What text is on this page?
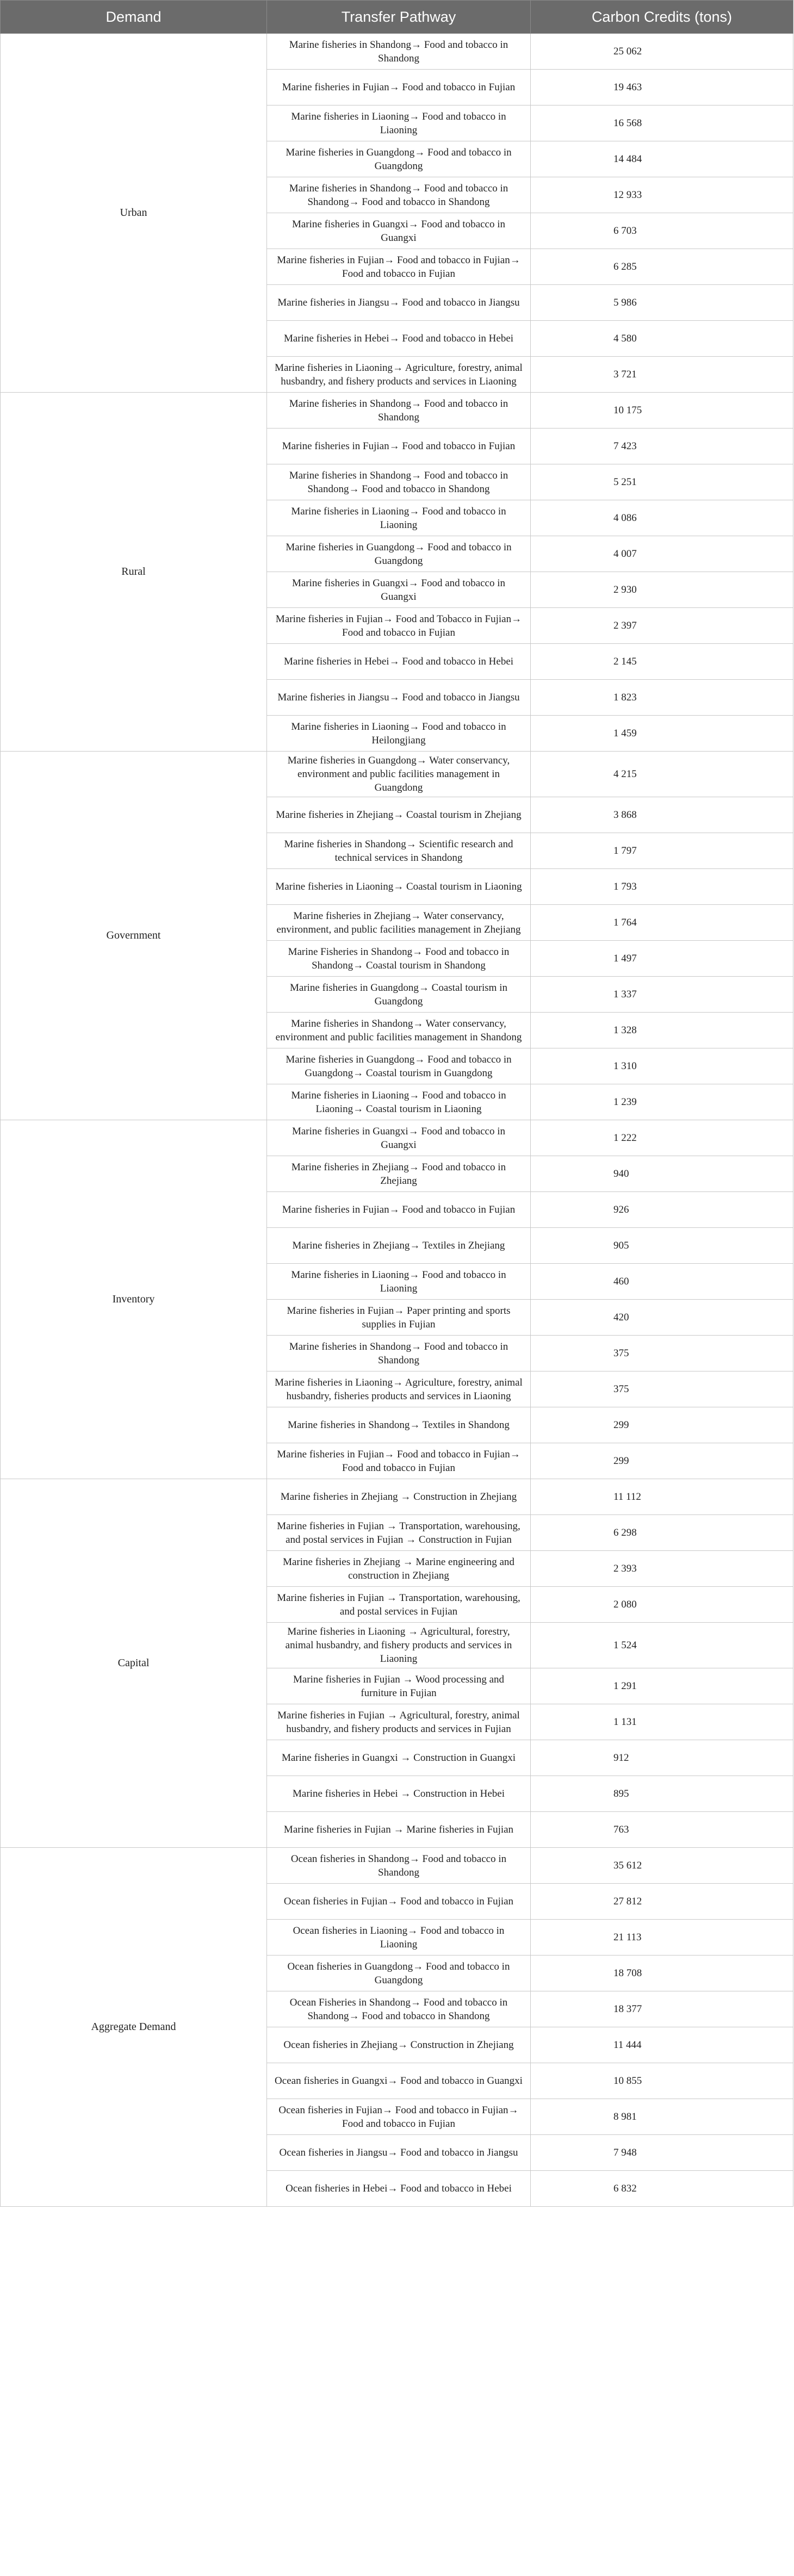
Demand	Transfer Pathway	Carbon Credits (tons)
Urban	Marine fisheries in Shandong→ Food and tobacco in Shandong	25 062
	Marine fisheries in Fujian→ Food and tobacco in Fujian	19 463
	Marine fisheries in Liaoning→ Food and tobacco in Liaoning	16 568
	Marine fisheries in Guangdong→ Food and tobacco in Guangdong	14 484
	Marine fisheries in Shandong→ Food and tobacco in Shandong→ Food and tobacco in Shandong	12 933
	Marine fisheries in Guangxi→ Food and tobacco in Guangxi	6 703
	Marine fisheries in Fujian→ Food and tobacco in Fujian→ Food and tobacco in Fujian	6 285
	Marine fisheries in Jiangsu→ Food and tobacco in Jiangsu	5 986
	Marine fisheries in Hebei→ Food and tobacco in Hebei	4 580
	Marine fisheries in Liaoning→ Agriculture, forestry, animal husbandry, and fishery products and services in Liaoning	3 721
Rural	Marine fisheries in Shandong→ Food and tobacco in Shandong	10 175
	Marine fisheries in Fujian→ Food and tobacco in Fujian	7 423
	Marine fisheries in Shandong→ Food and tobacco in Shandong→ Food and tobacco in Shandong	5 251
	Marine fisheries in Liaoning→ Food and tobacco in Liaoning	4 086
	Marine fisheries in Guangdong→ Food and tobacco in Guangdong	4 007
	Marine fisheries in Guangxi→ Food and tobacco in Guangxi	2 930
	Marine fisheries in Fujian→ Food and Tobacco in Fujian→ Food and tobacco in Fujian	2 397
	Marine fisheries in Hebei→ Food and tobacco in Hebei	2 145
	Marine fisheries in Jiangsu→ Food and tobacco in Jiangsu	1 823
	Marine fisheries in Liaoning→ Food and tobacco in Heilongjiang	1 459
Government	Marine fisheries in Guangdong→ Water conservancy, environment and public facilities management in Guangdong	4 215
	Marine fisheries in Zhejiang→ Coastal tourism in Zhejiang	3 868
	Marine fisheries in Shandong→ Scientific research and technical services in Shandong	1 797
	Marine fisheries in Liaoning→ Coastal tourism in Liaoning	1 793
	Marine fisheries in Zhejiang→ Water conservancy, environment, and public facilities management in Zhejiang	1 764
	Marine Fisheries in Shandong→ Food and tobacco in Shandong→ Coastal tourism in Shandong	1 497
	Marine fisheries in Guangdong→ Coastal tourism in Guangdong	1 337
	Marine fisheries in Shandong→ Water conservancy, environment and public facilities management in Shandong	1 328
	Marine fisheries in Guangdong→ Food and tobacco in Guangdong→ Coastal tourism in Guangdong	1 310
	Marine fisheries in Liaoning→ Food and tobacco in Liaoning→ Coastal tourism in Liaoning	1 239
Inventory	Marine fisheries in Guangxi→ Food and tobacco in Guangxi	1 222
	Marine fisheries in Zhejiang→ Food and tobacco in Zhejiang	940
	Marine fisheries in Fujian→ Food and tobacco in Fujian	926
	Marine fisheries in Zhejiang→ Textiles in Zhejiang	905
	Marine fisheries in Liaoning→ Food and tobacco in Liaoning	460
	Marine fisheries in Fujian→ Paper printing and sports supplies in Fujian	420
	Marine fisheries in Shandong→ Food and tobacco in Shandong	375
	Marine fisheries in Liaoning→ Agriculture, forestry, animal husbandry, fisheries products and services in Liaoning	375
	Marine fisheries in Shandong→ Textiles in Shandong	299
	Marine fisheries in Fujian→ Food and tobacco in Fujian→ Food and tobacco in Fujian	299
Capital	Marine fisheries in Zhejiang → Construction in Zhejiang	11 112
	Marine fisheries in Fujian → Transportation, warehousing, and postal services in Fujian → Construction in Fujian	6 298
	Marine fisheries in Zhejiang → Marine engineering and construction in Zhejiang	2 393
	Marine fisheries in Fujian → Transportation, warehousing, and postal services in Fujian	2 080
	Marine fisheries in Liaoning → Agricultural, forestry, animal husbandry, and fishery products and services in Liaoning	1 524
	Marine fisheries in Fujian → Wood processing and furniture in Fujian	1 291
	Marine fisheries in Fujian → Agricultural, forestry, animal husbandry, and fishery products and services in Fujian	1 131
	Marine fisheries in Guangxi → Construction in Guangxi	912
	Marine fisheries in Hebei → Construction in Hebei	895
	Marine fisheries in Fujian → Marine fisheries in Fujian	763
Aggregate Demand	Ocean fisheries in Shandong→ Food and tobacco in Shandong	35 612
	Ocean fisheries in Fujian→ Food and tobacco in Fujian	27 812
	Ocean fisheries in Liaoning→ Food and tobacco in Liaoning	21 113
	Ocean fisheries in Guangdong→ Food and tobacco in Guangdong	18 708
	Ocean Fisheries in Shandong→ Food and tobacco in Shandong→ Food and tobacco in Shandong	18 377
	Ocean fisheries in Zhejiang→ Construction in Zhejiang	11 444
	Ocean fisheries in Guangxi→ Food and tobacco in Guangxi	10 855
	Ocean fisheries in Fujian→ Food and tobacco in Fujian→ Food and tobacco in Fujian	8 981
	Ocean fisheries in Jiangsu→ Food and tobacco in Jiangsu	7 948
	Ocean fisheries in Hebei→ Food and tobacco in Hebei	6 832
